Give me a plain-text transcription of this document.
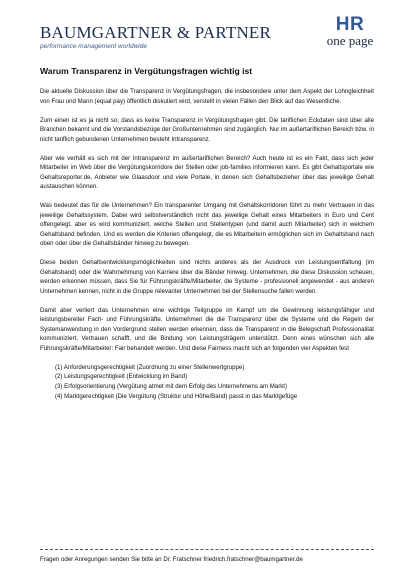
BAUMGARTNER & PARTNER
performance management worldwide
HR
one page
Warum Transparenz in Vergütungsfragen wichtig ist

Die aktuelle Diskussion über die Transparenz in Vergütungsfragen, die insbesondere unter dem Aspekt der Lohngleichheit von Frau und Mann (equal pay) öffentlich diskutiert wird, verstellt in vielen Fällen den Blick auf das Wesentliche.

Zum einen ist es ja nicht so, dass es keine Transparenz in Vergütungsfragen gibt. Die tariflichen Eckdaten sind über alle Branchen bekannt und die Vorstandsbezüge der Großunternehmen sind zugänglich. Nur im außertariflichen Bereich bzw. in nicht tariflich gebundenen Unternehmen besteht Intransparenz.

Aber wie verhält es sich mit der Intransparenz im außertariflichen Bereich? Auch heute ist es ein Fakt, dass sich jeder Mitarbeiter im Web über die Vergütungskorridore der Stellen oder job-families informieren kann. Es gibt Gehaltsportale wie Gehaltsreporter.de, Anbieter wie Glaasdoor und viele Portale, in denen sich Gehaltsbezieher über das jeweilige Gehalt austauschen können.

Was bedeutet das für die Unternehmen? Ein transparenter Umgang mit Gehaltskorridoren führt zu mehr Vertrauen in das jeweilige Gehaltssystem. Dabei wird selbstverständlich nicht das jeweilige Gehalt eines Mitarbeiters in Euro und Cent offengelegt, aber es wird kommuniziert, welche Stellen und Stellentypen (und damit auch Mitarbeiter) sich in welchem Gehaltsband befinden. Und es werden die Kriterien offengelegt, die es Mitarbeitern ermöglichen sich im Gehaltsband nach oben oder über die Gehaltsbänder hinweg zu bewegen.

Diese beiden Gehaltsentwicklungsmöglichkeiten sind nichts anderes als der Ausdruck von Leistungsentfaltung (im Gehaltsband) oder die Wahrnehmung von Karriere über die Bänder hinweg. Unternehmen, die diese Diskussion scheuen, werden erkennen müssen, dass Sie für Führungskräfte/Mitarbeiter, die Systeme - professionell angewendet - aus anderen Unternehmen kennen, nicht in die Gruppe relevanter Unternehmen bei der Stellensuche fallen werden.

Damit aber verliert das Unternehmen eine wichtige Teilgruppe im Kampf um die Gewinnung leistungsfähiger und leistungsbereiter Fach- und Führungskräfte. Unternehmen die die Transparenz über die Systeme und die Regeln der Systemanwendung in den Vordergrund stellen werden erkennen, dass die Transparenz in die Belegschaft Professionalität kommuniziert, Vertrauen schafft, und die Bindung von Leistungsträgern unterstützt. Denn eines wünschen sich alle Führungskräfte/Mitarbeiter: Fair behandelt werden. Und diese Fairness macht sich an folgenden vier Aspekten fest

(1) Anforderungsgerechtigkeit (Zuordnung zu einer Stellenwertgruppe)
(2) Leistungsgerechtigkeit (Entwicklung im Band)
(3) Erfolgsorientierung (Vergütung atmet mit dem Erfolg des Unternehmens am Markt)
(4) Marktgerechtigkeit (Die Vergütung (Struktur und Höhe/Band) passt in das Marktgefüge
Fragen oder Anregungen senden Sie bitte an Dr. Fratschner friedrich.fratschner@baumgartner.de
